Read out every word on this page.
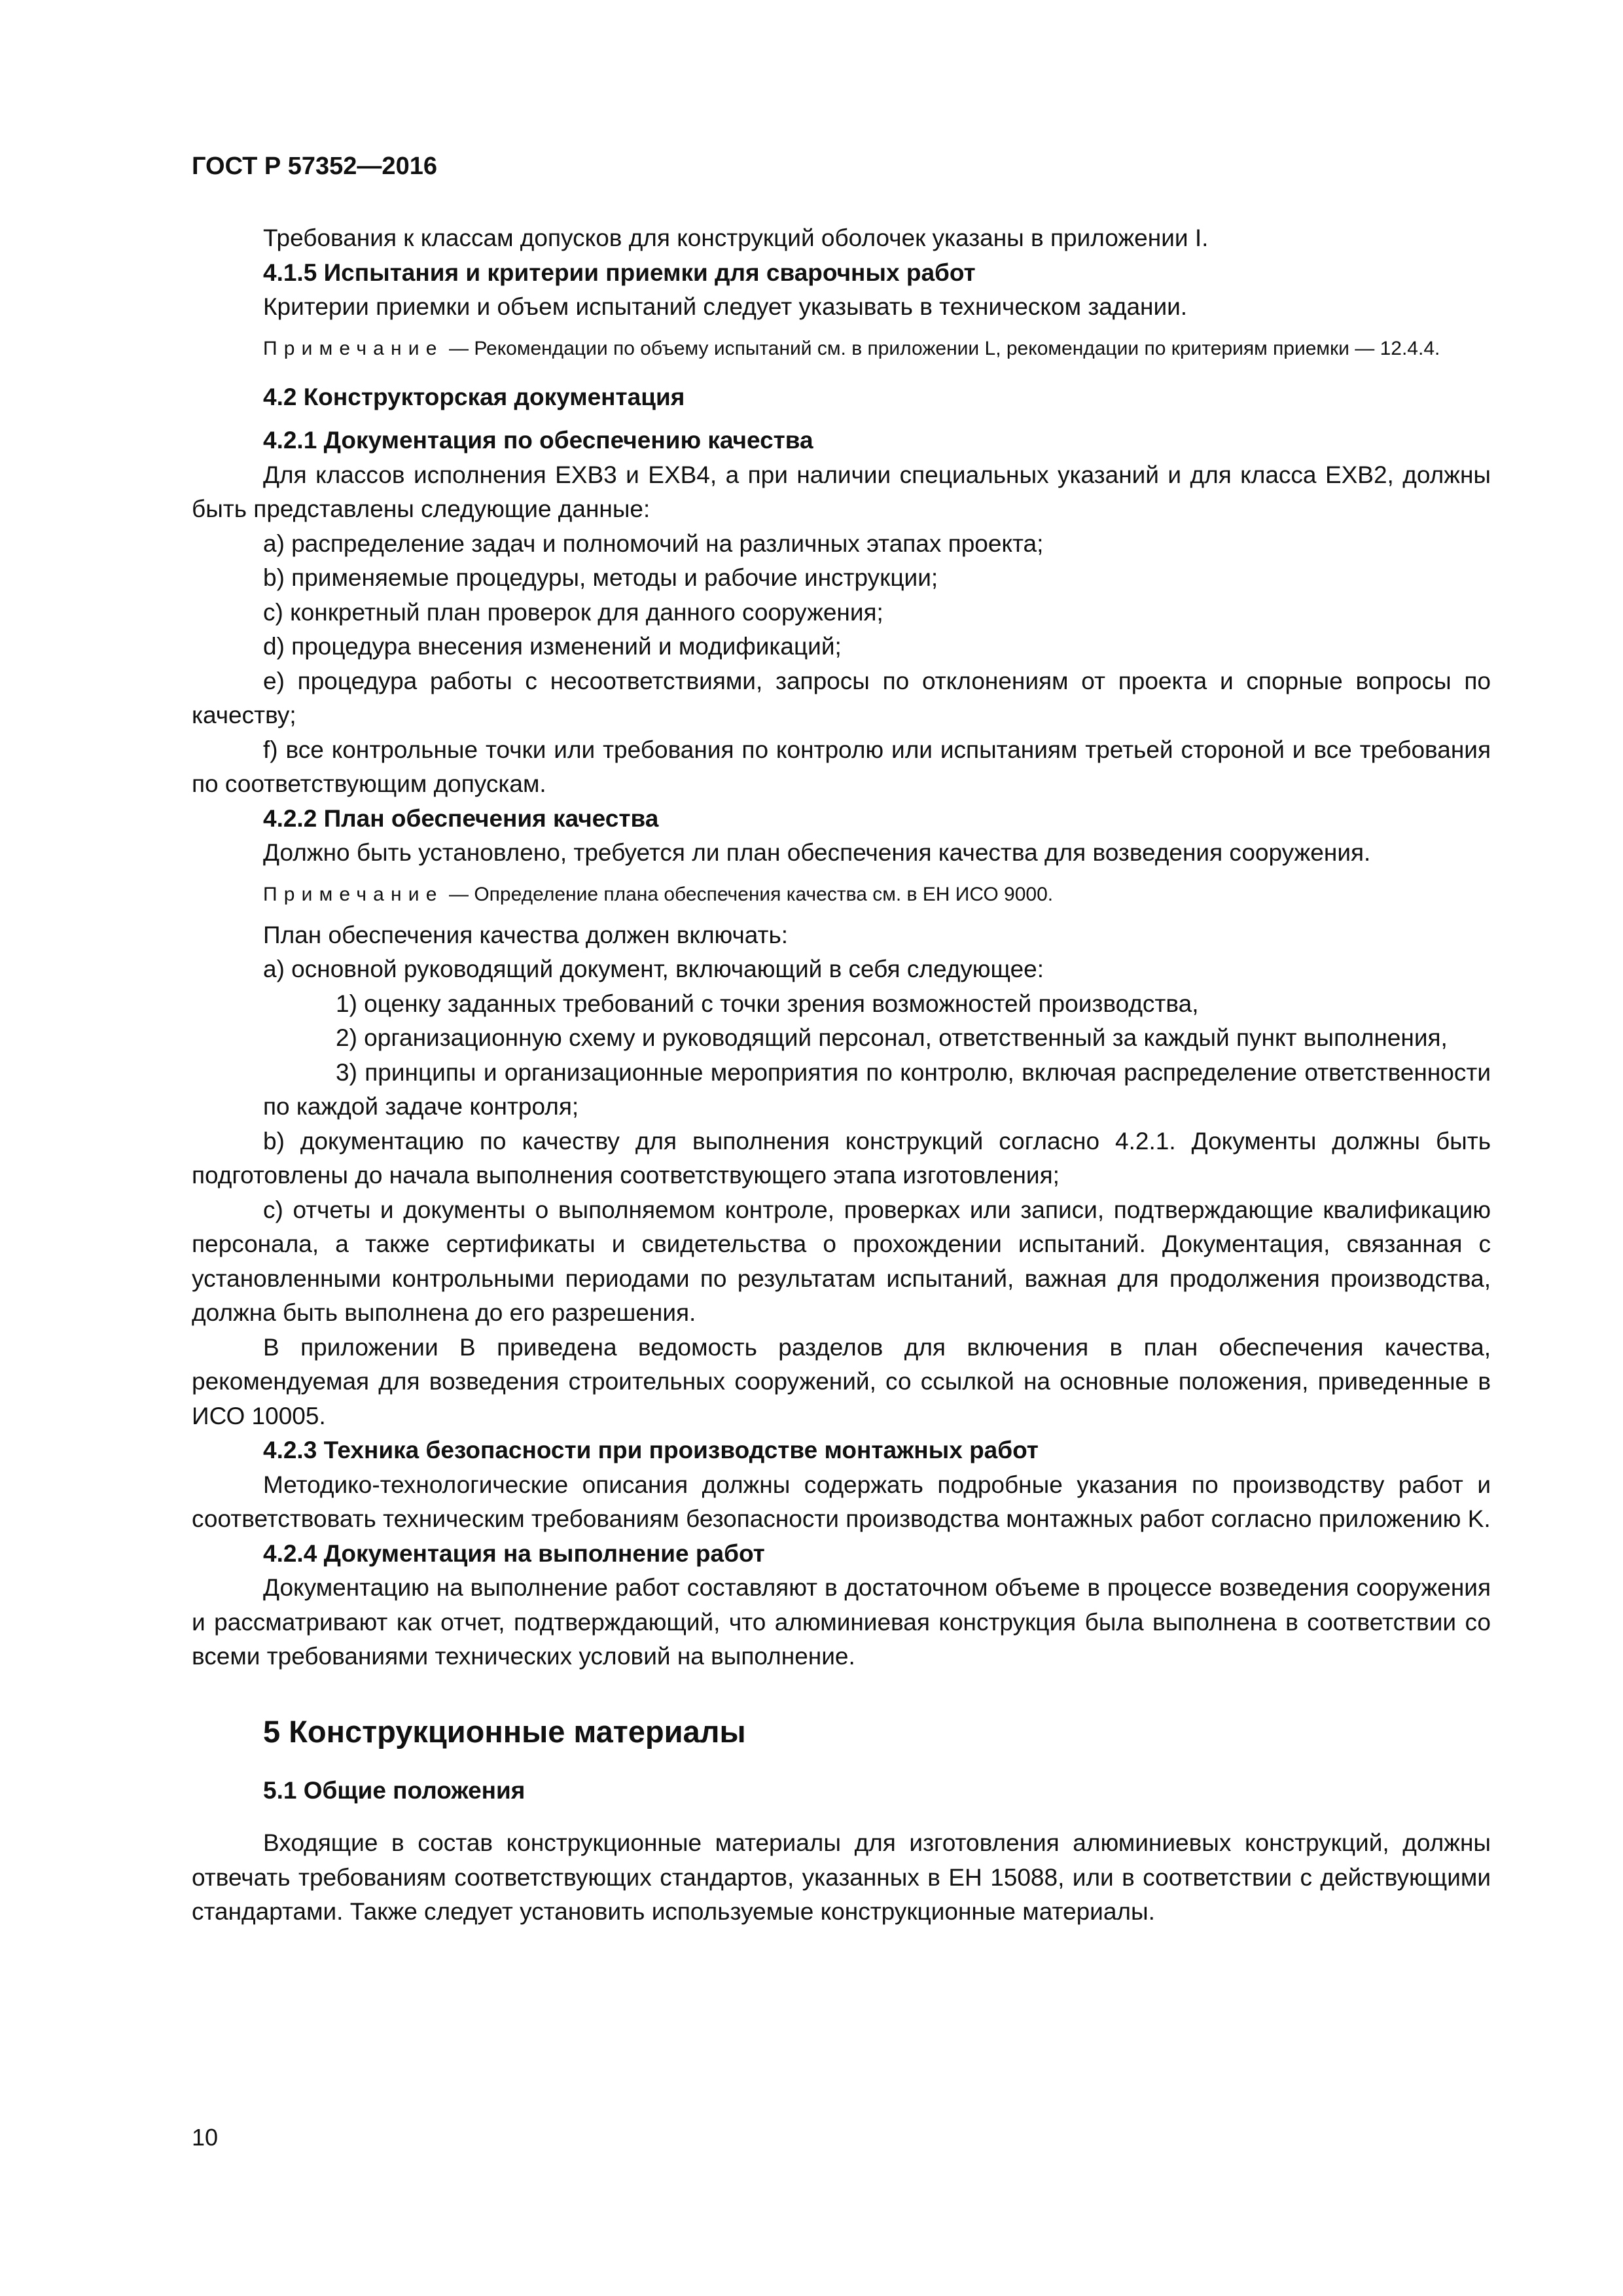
ГОСТ Р 57352—2016

Требования к классам допусков для конструкций оболочек указаны в приложении I.

4.1.5 Испытания и критерии приемки для сварочных работ

Критерии приемки и объем испытаний следует указывать в техническом задании.

Примечание — Рекомендации по объему испытаний см. в приложении L, рекомендации по критериям приемки — 12.4.4.

4.2 Конструкторская документация

4.2.1 Документация по обеспечению качества

Для классов исполнения EXB3 и EXB4, а при наличии специальных указаний и для класса EXB2, должны быть представлены следующие данные:

a) распределение задач и полномочий на различных этапах проекта;

b) применяемые процедуры, методы и рабочие инструкции;

c) конкретный план проверок для данного сооружения;

d) процедура внесения изменений и модификаций;

e) процедура работы с несоответствиями, запросы по отклонениям от проекта и спорные вопросы по качеству;

f) все контрольные точки или требования по контролю или испытаниям третьей стороной и все требования по соответствующим допускам.

4.2.2 План обеспечения качества

Должно быть установлено, требуется ли план обеспечения качества для возведения сооружения.

Примечание — Определение плана обеспечения качества см. в ЕН ИСО 9000.

План обеспечения качества должен включать:

a) основной руководящий документ, включающий в себя следующее:

1) оценку заданных требований с точки зрения возможностей производства,

2) организационную схему и руководящий персонал, ответственный за каждый пункт выполнения,

3) принципы и организационные мероприятия по контролю, включая распределение ответственности по каждой задаче контроля;

b) документацию по качеству для выполнения конструкций согласно 4.2.1. Документы должны быть подготовлены до начала выполнения соответствующего этапа изготовления;

c) отчеты и документы о выполняемом контроле, проверках или записи, подтверждающие квалификацию персонала, а также сертификаты и свидетельства о прохождении испытаний. Документация, связанная с установленными контрольными периодами по результатам испытаний, важная для продолжения производства, должна быть выполнена до его разрешения.

В приложении B приведена ведомость разделов для включения в план обеспечения качества, рекомендуемая для возведения строительных сооружений, со ссылкой на основные положения, приведенные в ИСО 10005.

4.2.3 Техника безопасности при производстве монтажных работ

Методико-технологические описания должны содержать подробные указания по производству работ и соответствовать техническим требованиям безопасности производства монтажных работ согласно приложению K.

4.2.4 Документация на выполнение работ

Документацию на выполнение работ составляют в достаточном объеме в процессе возведения сооружения и рассматривают как отчет, подтверждающий, что алюминиевая конструкция была выполнена в соответствии со всеми требованиями технических условий на выполнение.

5 Конструкционные материалы

5.1 Общие положения

Входящие в состав конструкционные материалы для изготовления алюминиевых конструкций, должны отвечать требованиям соответствующих стандартов, указанных в ЕН 15088, или в соответствии с действующими стандартами. Также следует установить используемые конструкционные материалы.

10
